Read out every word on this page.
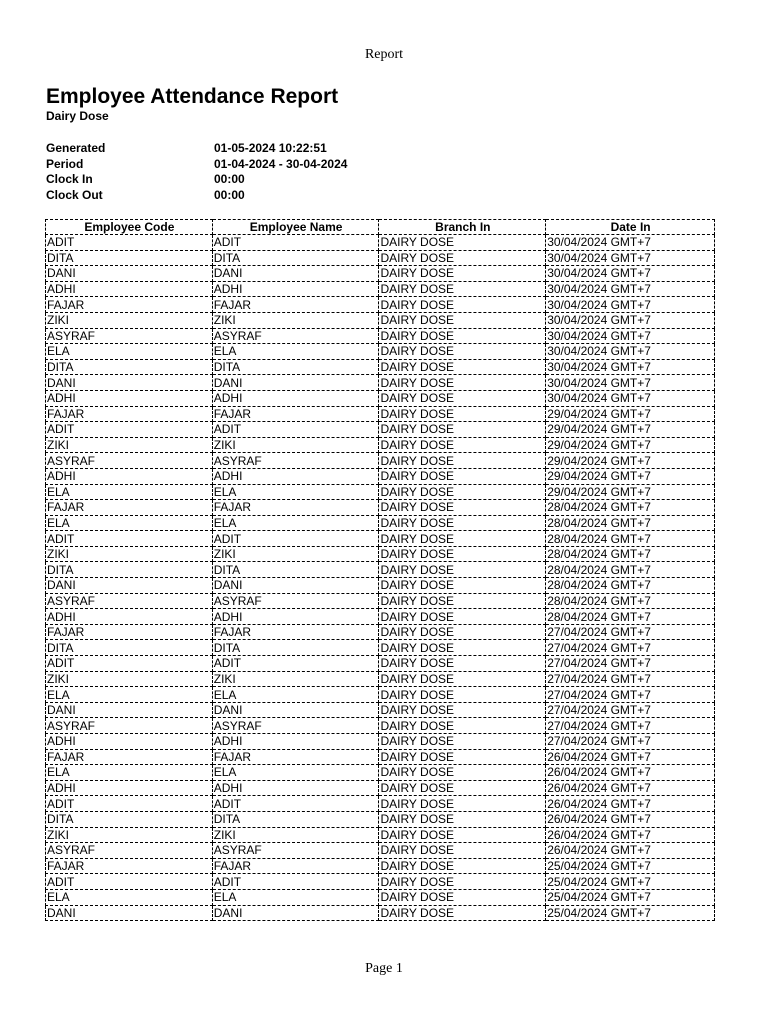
Report
Employee Attendance Report
Dairy Dose
Generated	01-05-2024 10:22:51
Period	01-04-2024 - 30-04-2024
Clock In	00:00
Clock Out	00:00
Employee Code	Employee Name	Branch In	Date In
ADIT	ADIT	DAIRY DOSE	30/04/2024 GMT+7
DITA	DITA	DAIRY DOSE	30/04/2024 GMT+7
DANI	DANI	DAIRY DOSE	30/04/2024 GMT+7
ADHI	ADHI	DAIRY DOSE	30/04/2024 GMT+7
FAJAR	FAJAR	DAIRY DOSE	30/04/2024 GMT+7
ZIKI	ZIKI	DAIRY DOSE	30/04/2024 GMT+7
ASYRAF	ASYRAF	DAIRY DOSE	30/04/2024 GMT+7
ELA	ELA	DAIRY DOSE	30/04/2024 GMT+7
DITA	DITA	DAIRY DOSE	30/04/2024 GMT+7
DANI	DANI	DAIRY DOSE	30/04/2024 GMT+7
ADHI	ADHI	DAIRY DOSE	30/04/2024 GMT+7
FAJAR	FAJAR	DAIRY DOSE	29/04/2024 GMT+7
ADIT	ADIT	DAIRY DOSE	29/04/2024 GMT+7
ZIKI	ZIKI	DAIRY DOSE	29/04/2024 GMT+7
ASYRAF	ASYRAF	DAIRY DOSE	29/04/2024 GMT+7
ADHI	ADHI	DAIRY DOSE	29/04/2024 GMT+7
ELA	ELA	DAIRY DOSE	29/04/2024 GMT+7
FAJAR	FAJAR	DAIRY DOSE	28/04/2024 GMT+7
ELA	ELA	DAIRY DOSE	28/04/2024 GMT+7
ADIT	ADIT	DAIRY DOSE	28/04/2024 GMT+7
ZIKI	ZIKI	DAIRY DOSE	28/04/2024 GMT+7
DITA	DITA	DAIRY DOSE	28/04/2024 GMT+7
DANI	DANI	DAIRY DOSE	28/04/2024 GMT+7
ASYRAF	ASYRAF	DAIRY DOSE	28/04/2024 GMT+7
ADHI	ADHI	DAIRY DOSE	28/04/2024 GMT+7
FAJAR	FAJAR	DAIRY DOSE	27/04/2024 GMT+7
DITA	DITA	DAIRY DOSE	27/04/2024 GMT+7
ADIT	ADIT	DAIRY DOSE	27/04/2024 GMT+7
ZIKI	ZIKI	DAIRY DOSE	27/04/2024 GMT+7
ELA	ELA	DAIRY DOSE	27/04/2024 GMT+7
DANI	DANI	DAIRY DOSE	27/04/2024 GMT+7
ASYRAF	ASYRAF	DAIRY DOSE	27/04/2024 GMT+7
ADHI	ADHI	DAIRY DOSE	27/04/2024 GMT+7
FAJAR	FAJAR	DAIRY DOSE	26/04/2024 GMT+7
ELA	ELA	DAIRY DOSE	26/04/2024 GMT+7
ADHI	ADHI	DAIRY DOSE	26/04/2024 GMT+7
ADIT	ADIT	DAIRY DOSE	26/04/2024 GMT+7
DITA	DITA	DAIRY DOSE	26/04/2024 GMT+7
ZIKI	ZIKI	DAIRY DOSE	26/04/2024 GMT+7
ASYRAF	ASYRAF	DAIRY DOSE	26/04/2024 GMT+7
FAJAR	FAJAR	DAIRY DOSE	25/04/2024 GMT+7
ADIT	ADIT	DAIRY DOSE	25/04/2024 GMT+7
ELA	ELA	DAIRY DOSE	25/04/2024 GMT+7
DANI	DANI	DAIRY DOSE	25/04/2024 GMT+7
Page 1
